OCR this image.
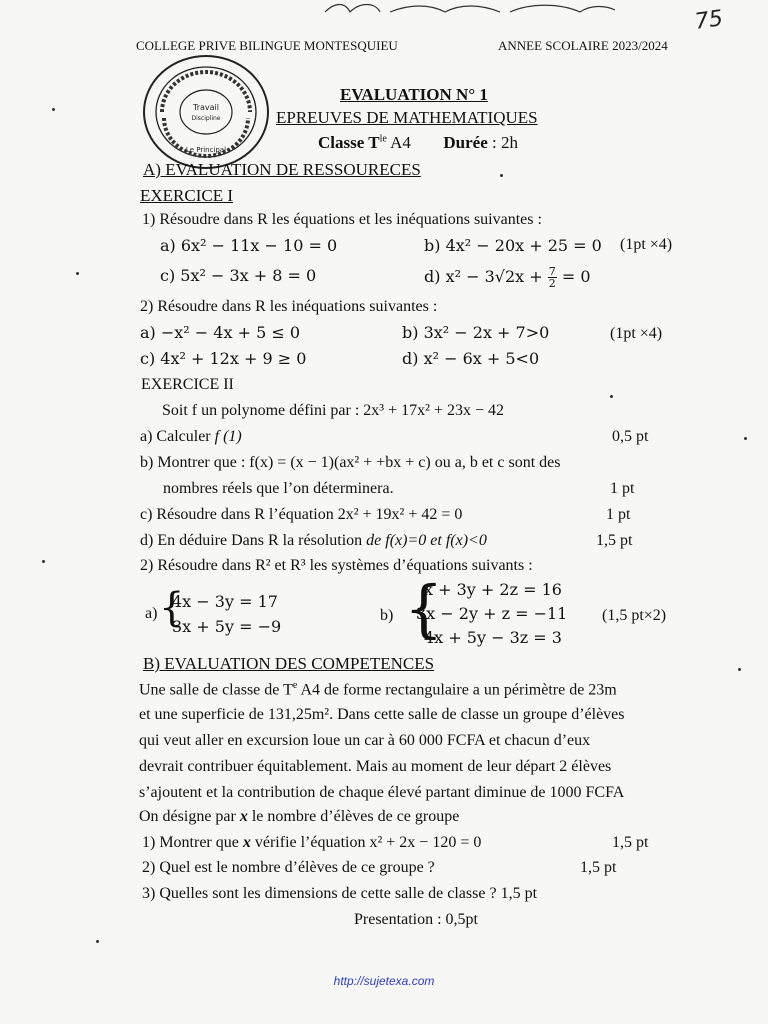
75
COLLEGE PRIVE BILINGUE MONTESQUIEU	ANNEE SCOLAIRE 2023/2024
Travail
Discipline
Le Principal
EVALUATION N° 1
EPREUVES DE MATHEMATIQUES
Classe $T^{le}$ A4 Durée : 2h
A) EVALUATION DE RESSOURECES
EXERCICE I
1) Résoudre dans R les équations et les inéquations suivantes :
a) 6x² − 11x − 10 = 0	b) 4x² − 20x + 25 = 0 (1pt ×4)
c) 5x² − 3x + 8 = 0	d) $x^2 - 3√2x + \frac{7}{2} = 0$
2) Résoudre dans R les inéquations suivantes :
a) −x² − 4x + 5 ≤ 0	b) 3x² − 2x + 7>0	(1pt ×4)
c) 4x² + 12x + 9 ≥ 0	d) x² − 6x + 5<0
EXERCICE II
Soit f un polynome défini par : 2x³ + 17x² + 23x − 42
a) Calculer f (1)	0,5 pt
b) Montrer que : f(x) = (x − 1)(ax² + +bx + c) ou a, b et c sont des
nombres réels que l’on déterminera.	1 pt
c) Résoudre dans R l’équation 2x² + 19x² + 42 = 0	1 pt
d) En déduire Dans R la résolution de f(x)=0 et f(x)<0	1,5 pt
2) Résoudre dans R² et R³ les systèmes d’équations suivants :
a) {
4x − 3y = 17
3x + 5y = −9
b) {
x + 3y + 2z = 16
3x − 2y + z = −11
4x + 5y − 3z = 3
(1,5 pt×2)
B) EVALUATION DES COMPETENCES
Une salle de classe de $T^e$ A4 de forme rectangulaire a un périmètre de 23m
et une superficie de 131,25m². Dans cette salle de classe un groupe d’élèves
qui veut aller en excursion loue un car à 60 000 FCFA et chacun d’eux
devrait contribuer équitablement. Mais au moment de leur départ 2 élèves
s’ajoutent et la contribution de chaque élevé partant diminue de 1000 FCFA
On désigne par x le nombre d’élèves de ce groupe
1) Montrer que x vérifie l’équation x² + 2x − 120 = 0	1,5 pt
2) Quel est le nombre d’élèves de ce groupe ?	1,5 pt
3) Quelles sont les dimensions de cette salle de classe ? 1,5 pt
Presentation : 0,5pt
http://sujetexa.com
